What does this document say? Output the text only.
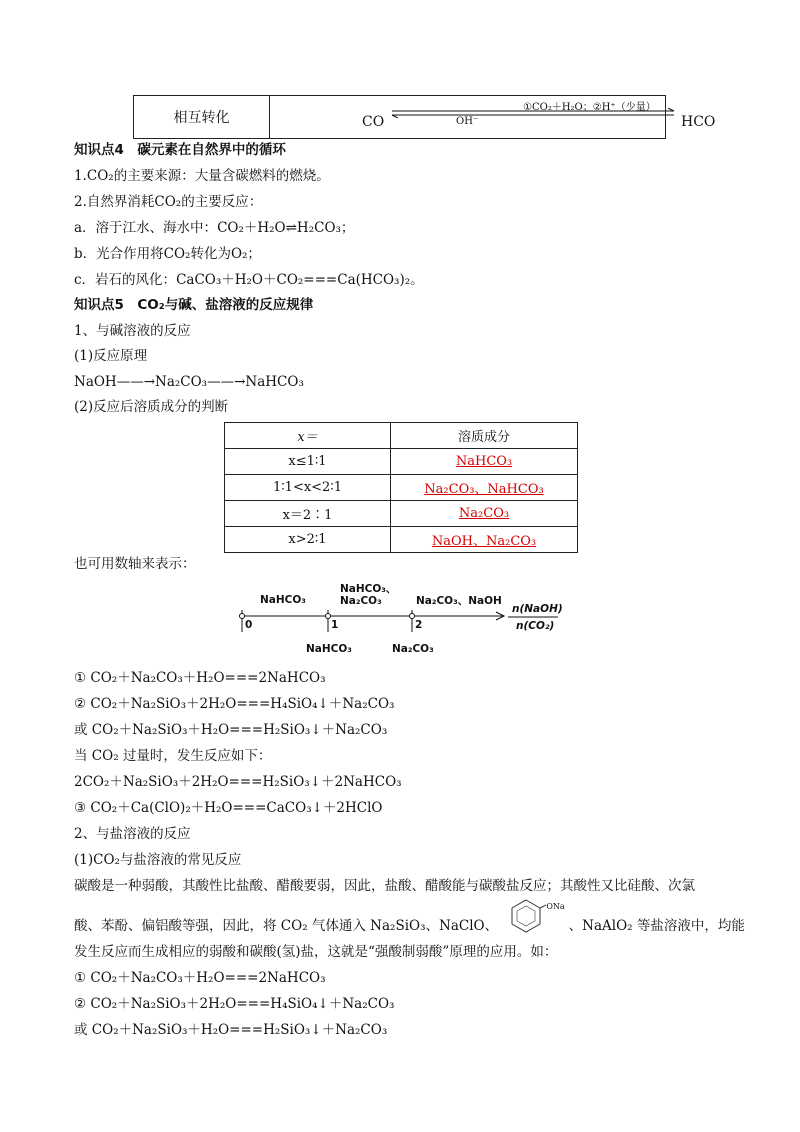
相互转化	CO
①CO₂＋H₂O；②H⁺（少量）
OH⁻	HCO
知识点4　碳元素在自然界中的循环
1.CO₂的主要来源：大量含碳燃料的燃烧。
2.自然界消耗CO₂的主要反应：
a．溶于江水、海水中：CO₂＋H₂O⇌H₂CO₃；
b．光合作用将CO₂转化为O₂；
c．岩石的风化：CaCO₃＋H₂O＋CO₂===Ca(HCO₃)₂。
知识点5　CO₂与碱、盐溶液的反应规律
1、与碱溶液的反应
(1)反应原理
NaOH——→Na₂CO₃——→NaHCO₃
(2)反应后溶质成分的判断
x＝	溶质成分
x≤1∶1	NaHCO₃
1∶1<x<2∶1	Na₂CO₃、NaHCO₃
x＝2∶1	Na₂CO₃
x>2∶1	NaOH、Na₂CO₃
也可用数轴来表示：
NaHCO₃
NaHCO₃、
Na₂CO₃	Na₂CO₃、NaOH
0	1	2
NaHCO₃	Na₂CO₃
n(NaOH)
n(CO₂)
① CO₂＋Na₂CO₃＋H₂O===2NaHCO₃
② CO₂＋Na₂SiO₃＋2H₂O===H₄SiO₄↓＋Na₂CO₃
或 CO₂＋Na₂SiO₃＋H₂O===H₂SiO₃↓＋Na₂CO₃
当 CO₂ 过量时，发生反应如下：
2CO₂＋Na₂SiO₃＋2H₂O===H₂SiO₃↓＋2NaHCO₃
③ CO₂＋Ca(ClO)₂＋H₂O===CaCO₃↓＋2HClO
2、与盐溶液的反应
(1)CO₂与盐溶液的常见反应
碳酸是一种弱酸，其酸性比盐酸、醋酸要弱，因此，盐酸、醋酸能与碳酸盐反应；其酸性又比硅酸、次氯
酸、苯酚、偏铝酸等强，因此，将 CO₂ 气体通入 Na₂SiO₃、NaClO、
ONa
、NaAlO₂ 等盐溶液中，均能
发生反应而生成相应的弱酸和碳酸(氢)盐，这就是“强酸制弱酸”原理的应用。如：
① CO₂＋Na₂CO₃＋H₂O===2NaHCO₃
② CO₂＋Na₂SiO₃＋2H₂O===H₄SiO₄↓＋Na₂CO₃
或 CO₂＋Na₂SiO₃＋H₂O===H₂SiO₃↓＋Na₂CO₃
